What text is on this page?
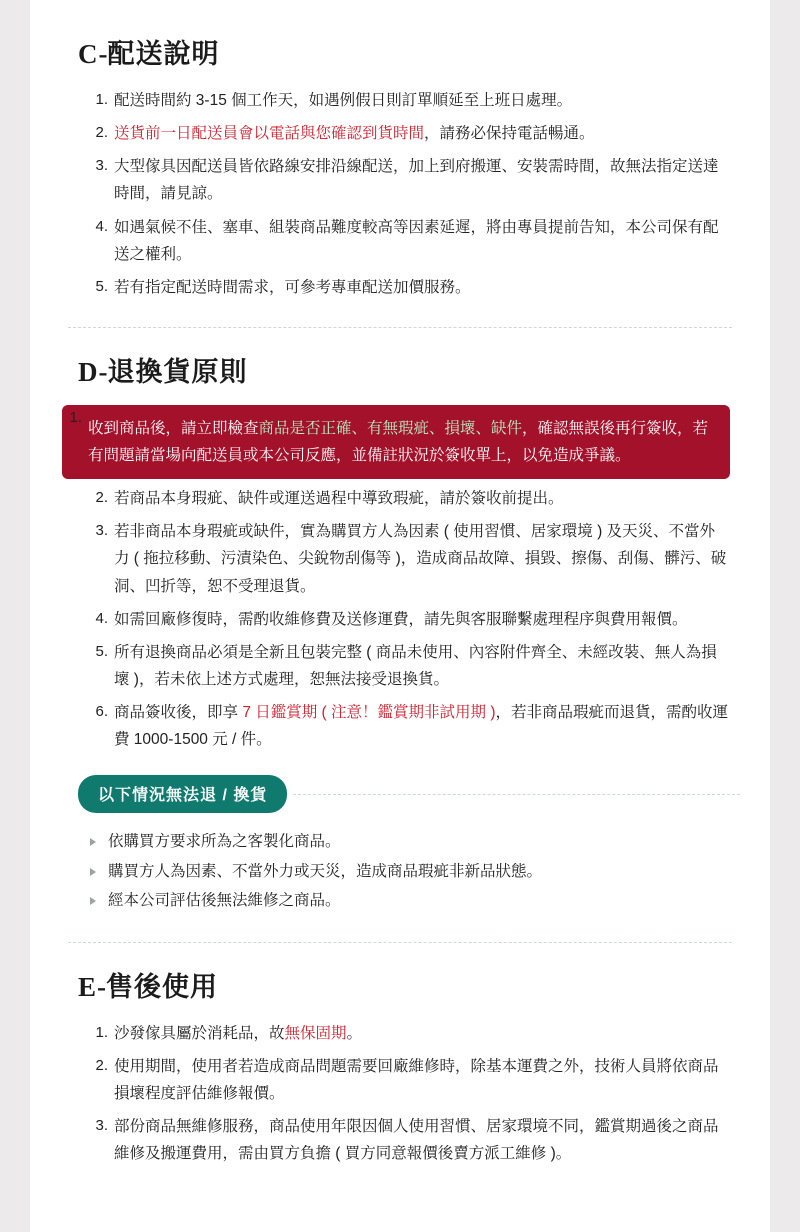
C-配送說明
配送時間約 3-15 個工作天，如遇例假日則訂單順延至上班日處理。
送貨前一日配送員會以電話與您確認到貨時間，請務必保持電話暢通。
大型傢具因配送員皆依路線安排沿線配送，加上到府搬運、安裝需時間，故無法指定送達時間，請見諒。
如遇氣候不佳、塞車、組裝商品難度較高等因素延遲，將由專員提前告知，本公司保有配送之權利。
若有指定配送時間需求，可參考專車配送加價服務。
D-退換貨原則
收到商品後，請立即檢查商品是否正確、有無瑕疵、損壞、缺件，確認無誤後再行簽收，若有問題請當場向配送員或本公司反應，並備註狀況於簽收單上，以免造成爭議。
若商品本身瑕疵、缺件或運送過程中導致瑕疵，請於簽收前提出。
若非商品本身瑕疵或缺件，實為購買方人為因素 ( 使用習慣、居家環境 ) 及天災、不當外力 ( 拖拉移動、污漬染色、尖銳物刮傷等 )，造成商品故障、損毀、擦傷、刮傷、髒污、破洞、凹折等，恕不受理退貨。
如需回廠修復時，需酌收維修費及送修運費，請先與客服聯繫處理程序與費用報價。
所有退換商品必須是全新且包裝完整 ( 商品未使用、內容附件齊全、未經改裝、無人為損壞 )，若未依上述方式處理，恕無法接受退換貨。
商品簽收後，即享 7 日鑑賞期 ( 注意！鑑賞期非試用期 )，若非商品瑕疵而退貨，需酌收運費 1000-1500 元 / 件。
以下情況無法退 / 換貨
依購買方要求所為之客製化商品。
購買方人為因素、不當外力或天災，造成商品瑕疵非新品狀態。
經本公司評估後無法維修之商品。
E-售後使用
沙發傢具屬於消耗品，故無保固期。
使用期間，使用者若造成商品問題需要回廠維修時，除基本運費之外，技術人員將依商品損壞程度評估維修報價。
部份商品無維修服務，商品使用年限因個人使用習慣、居家環境不同，鑑賞期過後之商品維修及搬運費用，需由買方負擔 ( 買方同意報價後賣方派工維修 )。
